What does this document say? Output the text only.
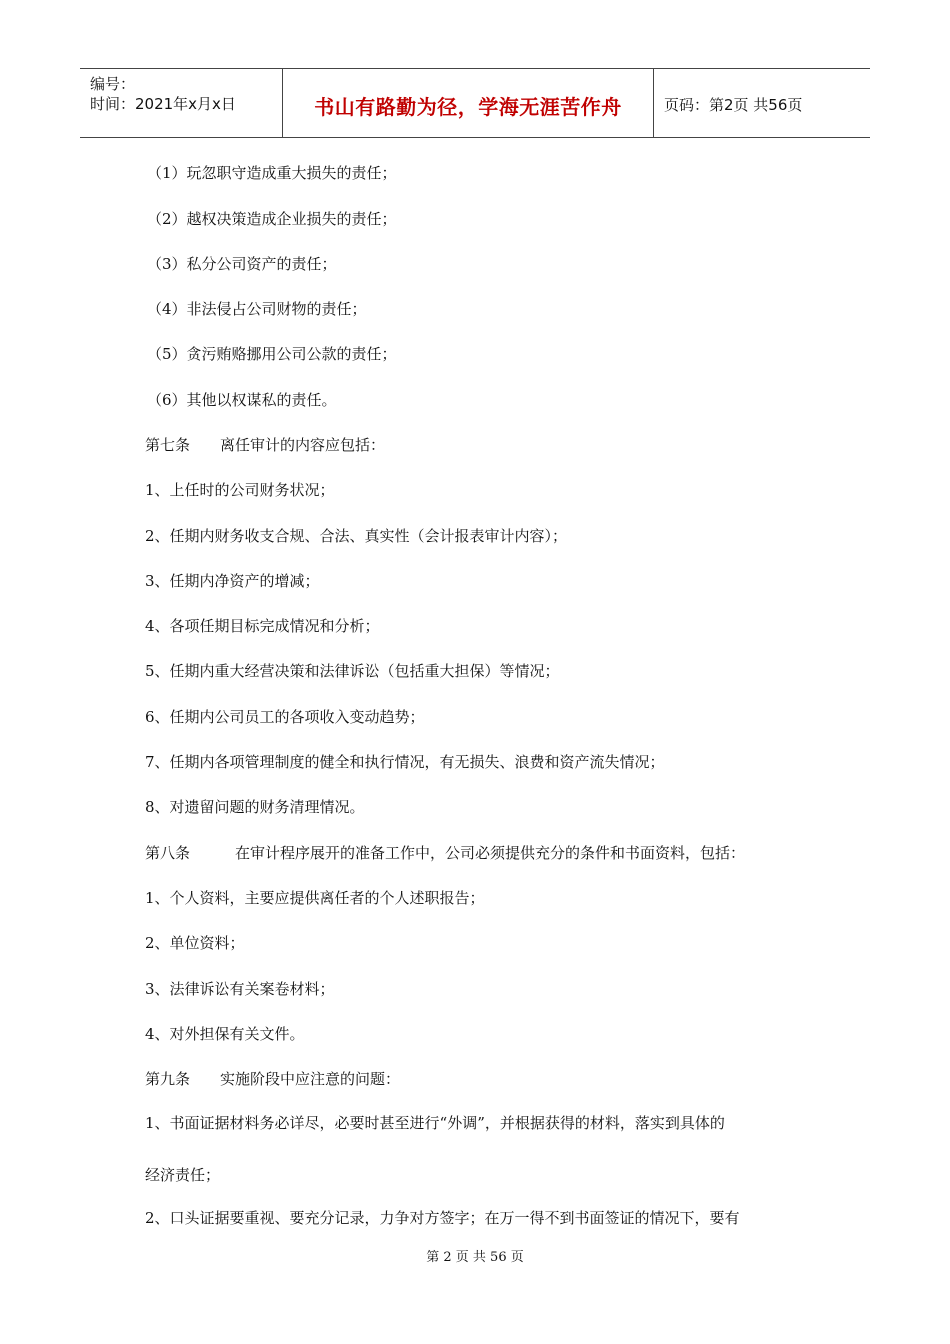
编号：
时间：2021年x月x日	书山有路勤为径，学海无涯苦作舟	页码：第2页 共56页
（1）玩忽职守造成重大损失的责任；
（2）越权决策造成企业损失的责任；
（3）私分公司资产的责任；
（4）非法侵占公司财物的责任；
（5）贪污贿赂挪用公司公款的责任；
（6）其他以权谋私的责任。
第七条　　离任审计的内容应包括：
1、上任时的公司财务状况；
2、任期内财务收支合规、合法、真实性（会计报表审计内容）；
3、任期内净资产的增减；
4、各项任期目标完成情况和分析；
5、任期内重大经营决策和法律诉讼（包括重大担保）等情况；
6、任期内公司员工的各项收入变动趋势；
7、任期内各项管理制度的健全和执行情况，有无损失、浪费和资产流失情况；
8、对遗留问题的财务清理情况。
第八条　　　在审计程序展开的准备工作中，公司必须提供充分的条件和书面资料，包括：
1、个人资料，主要应提供离任者的个人述职报告；
2、单位资料；
3、法律诉讼有关案卷材料；
4、对外担保有关文件。
第九条　　实施阶段中应注意的问题：
1、书面证据材料务必详尽，必要时甚至进行“外调”，并根据获得的材料，落实到具体的
经济责任；
2、口头证据要重视、要充分记录，力争对方签字；在万一得不到书面签证的情况下，要有
第 2 页 共 56 页
